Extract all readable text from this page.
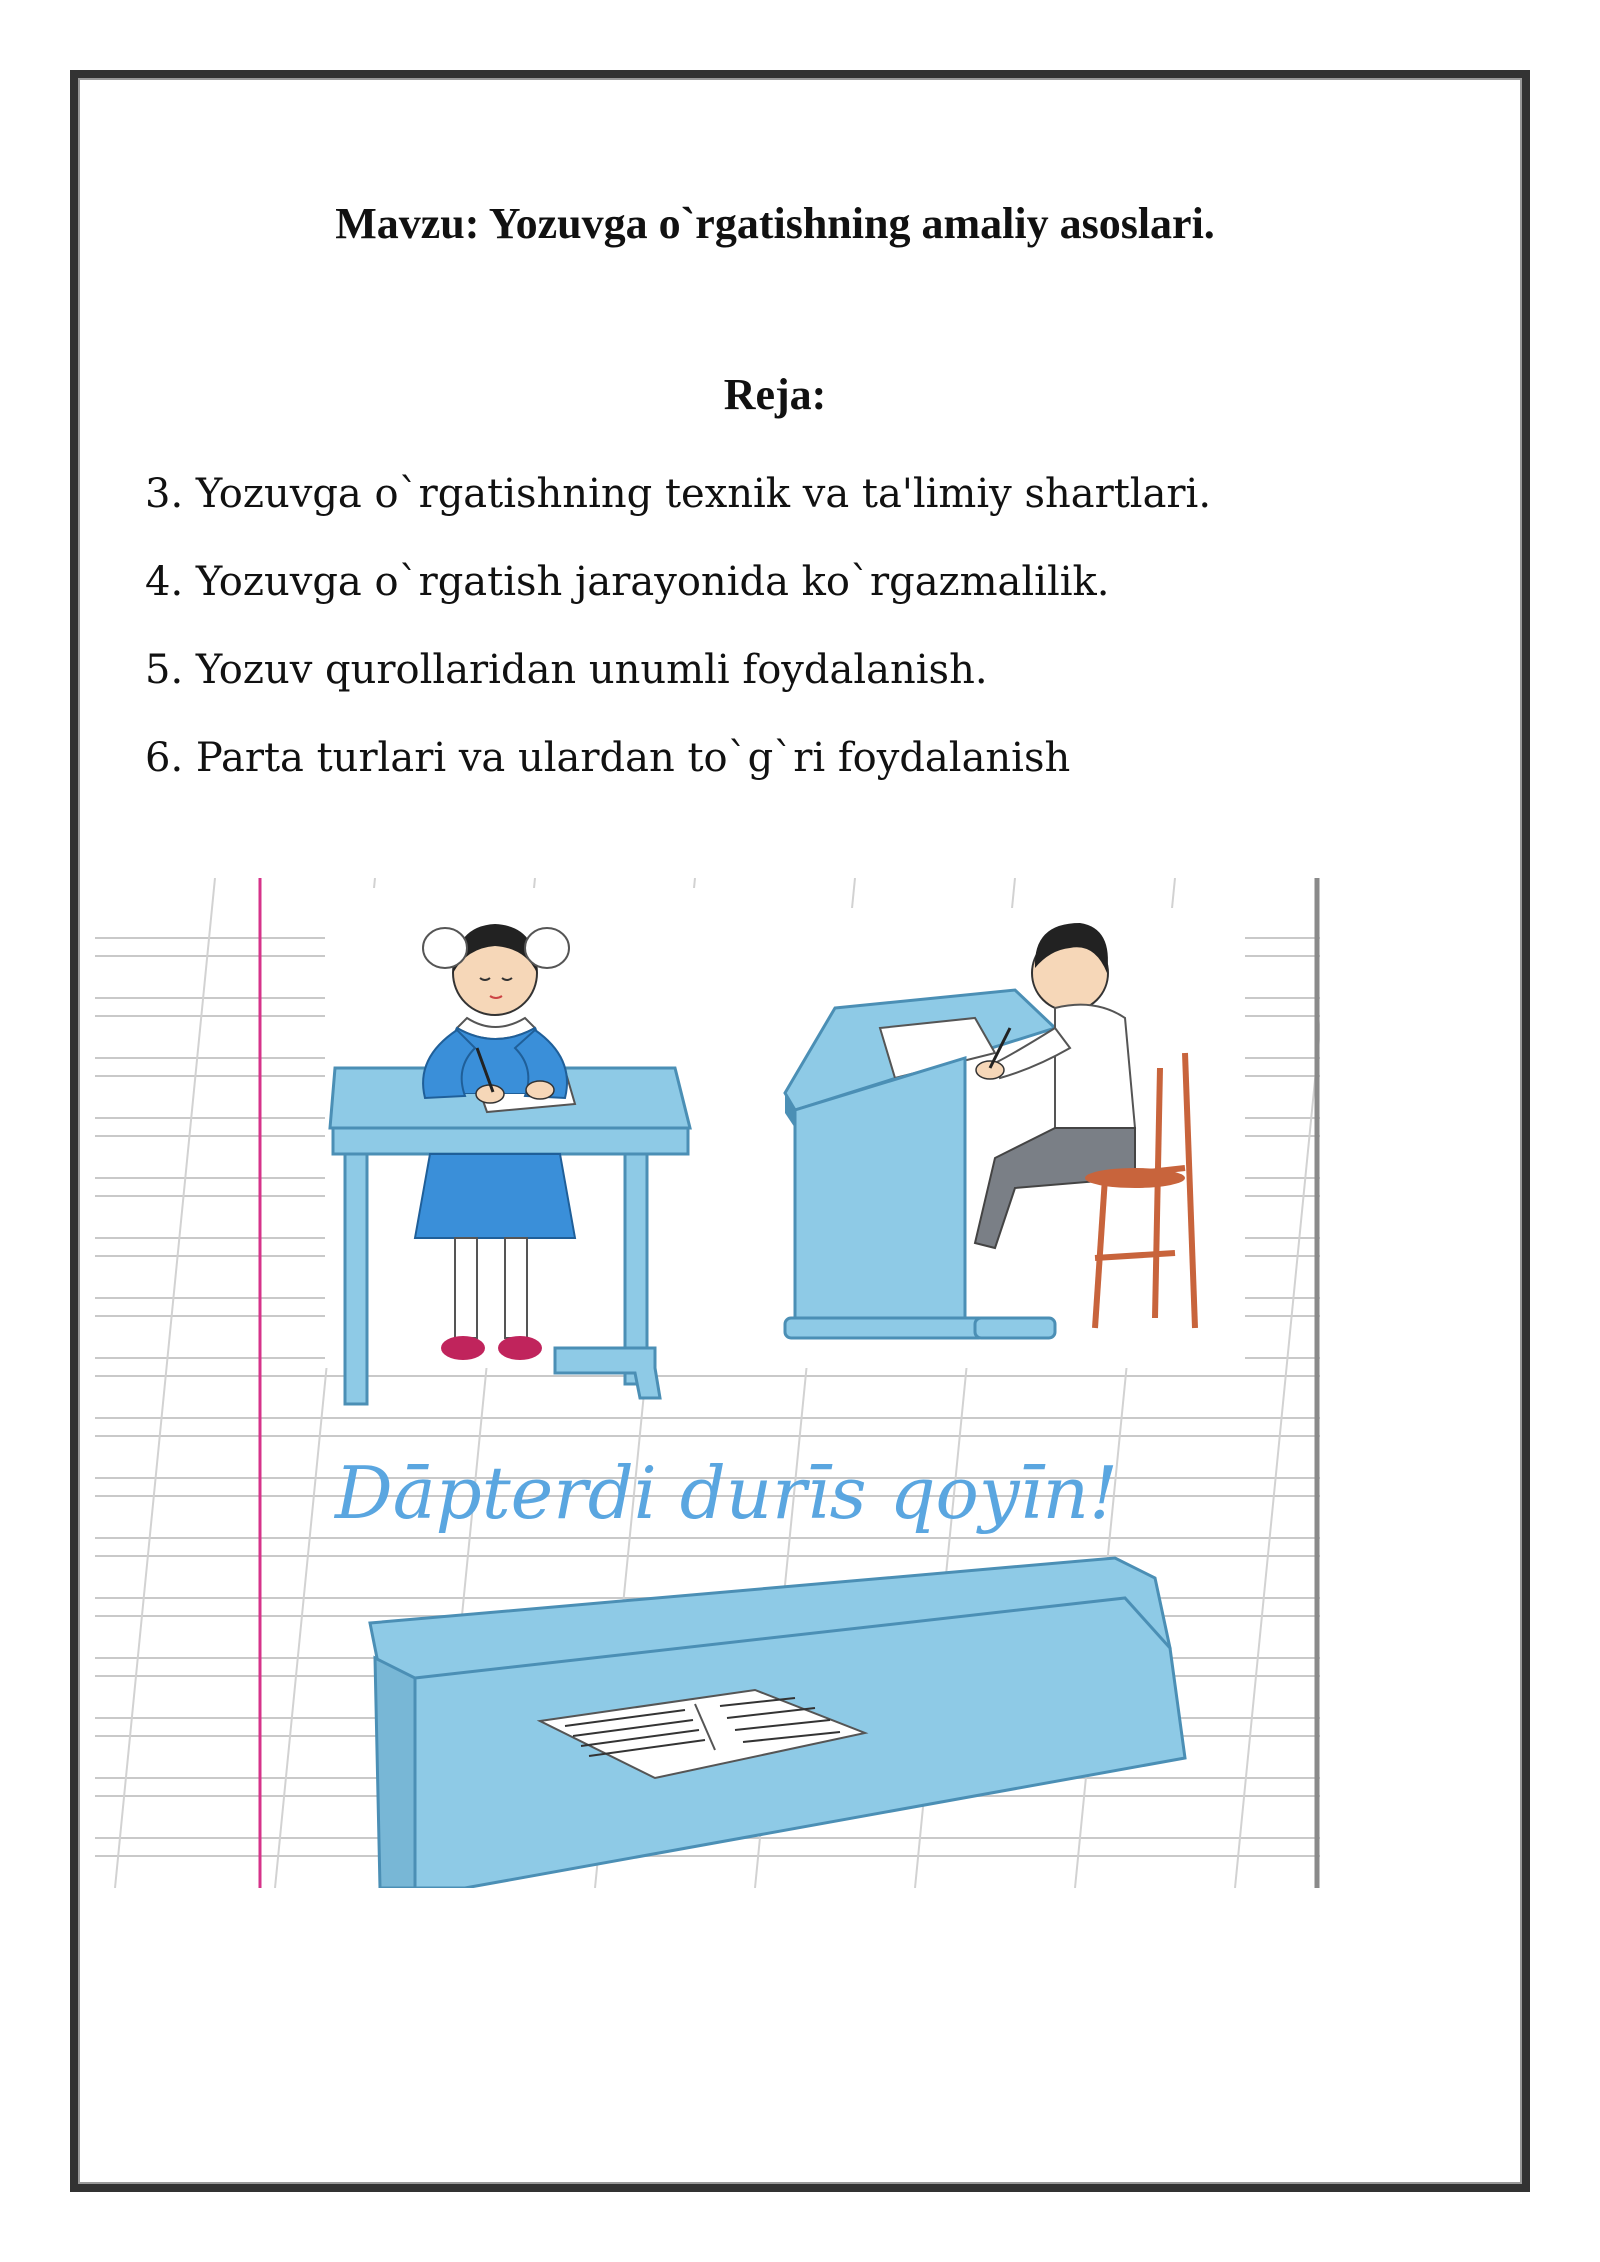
Mavzu: Yozuvga o`rgatishning amaliy asoslari.
Reja:
3. Yozuvga o`rgatishning texnik va ta'limiy shartlari.
4. Yozuvga o`rgatish jarayonida ko`rgazmalilik.
5. Yozuv qurollaridan unumli foydalanish.
6. Parta turlari va ulardan to`g`ri foydalanish
Dāpterdi durīs qoyīn!
